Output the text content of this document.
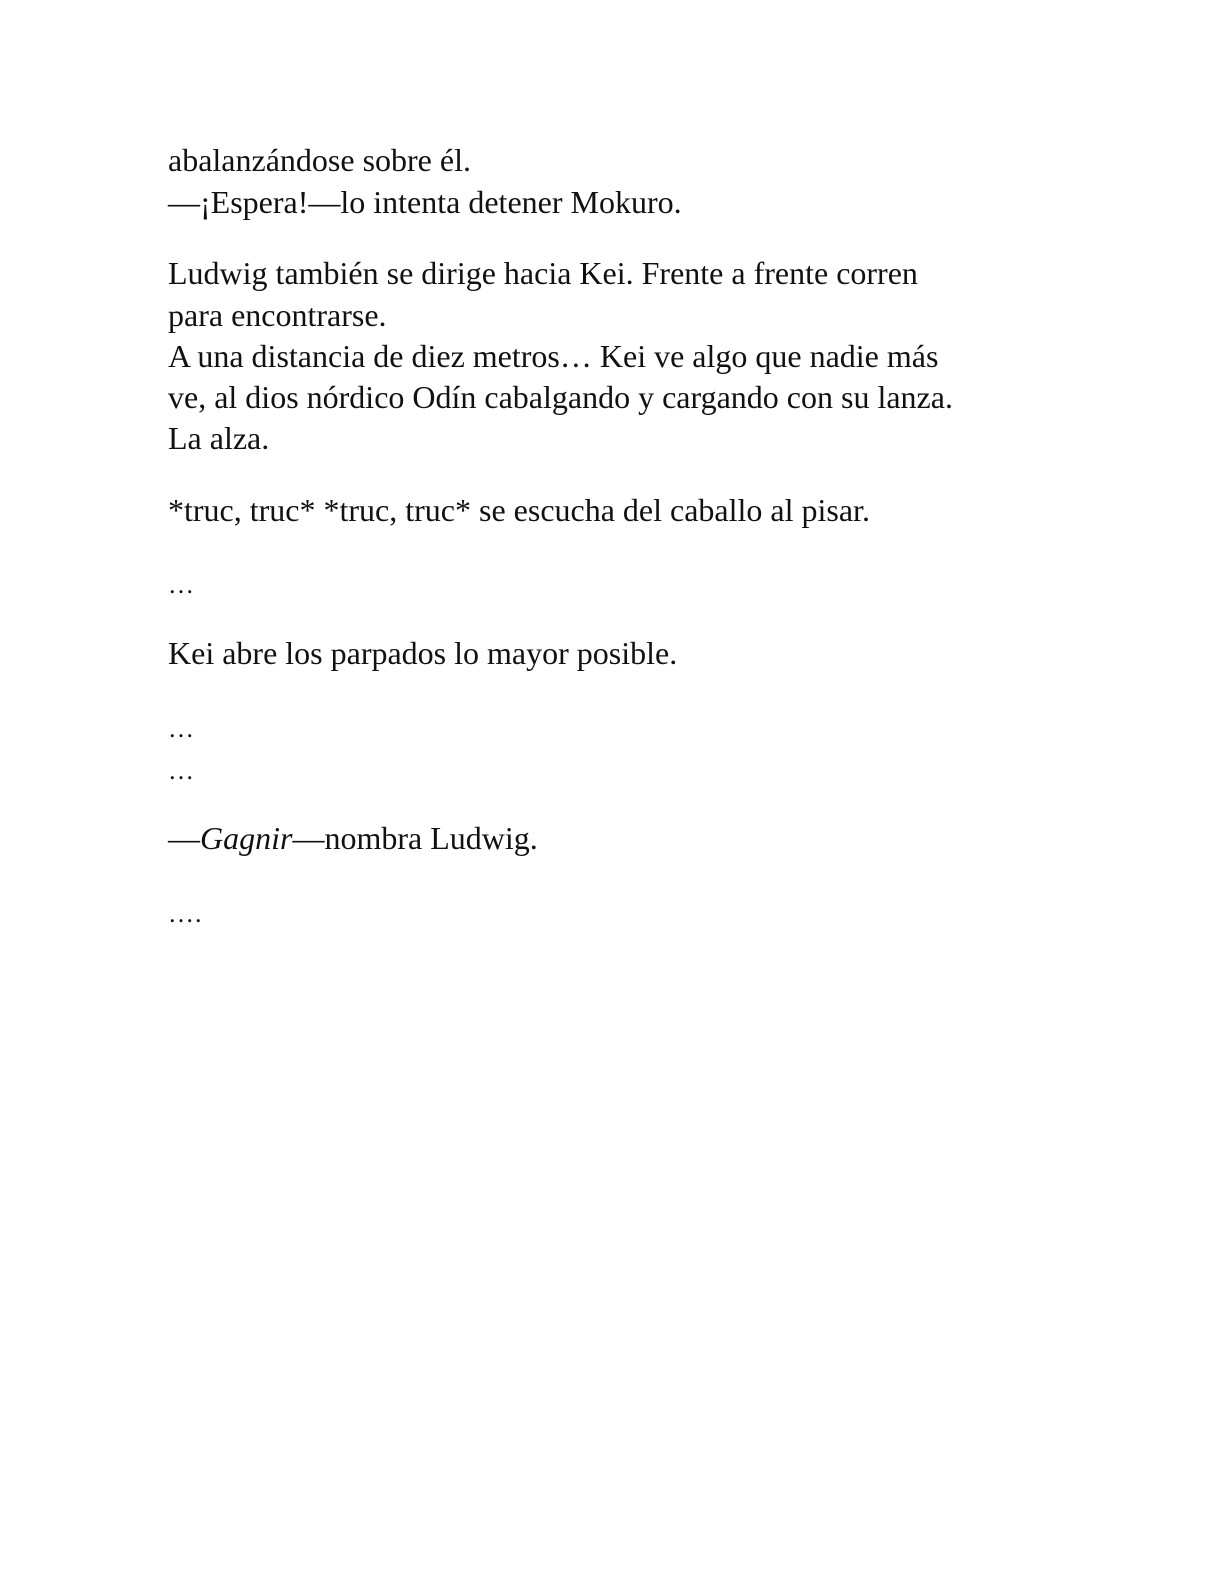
abalanzándose sobre él.
—¡Espera!—lo intenta detener Mokuro.
Ludwig también se dirige hacia Kei. Frente a frente corren
para encontrarse.
A una distancia de diez metros… Kei ve algo que nadie más
ve, al dios nórdico Odín cabalgando y cargando con su lanza.
La alza.
*truc, truc* *truc, truc* se escucha del caballo al pisar.
…
Kei abre los parpados lo mayor posible.
…
…
—Gagnir—nombra Ludwig.
….
